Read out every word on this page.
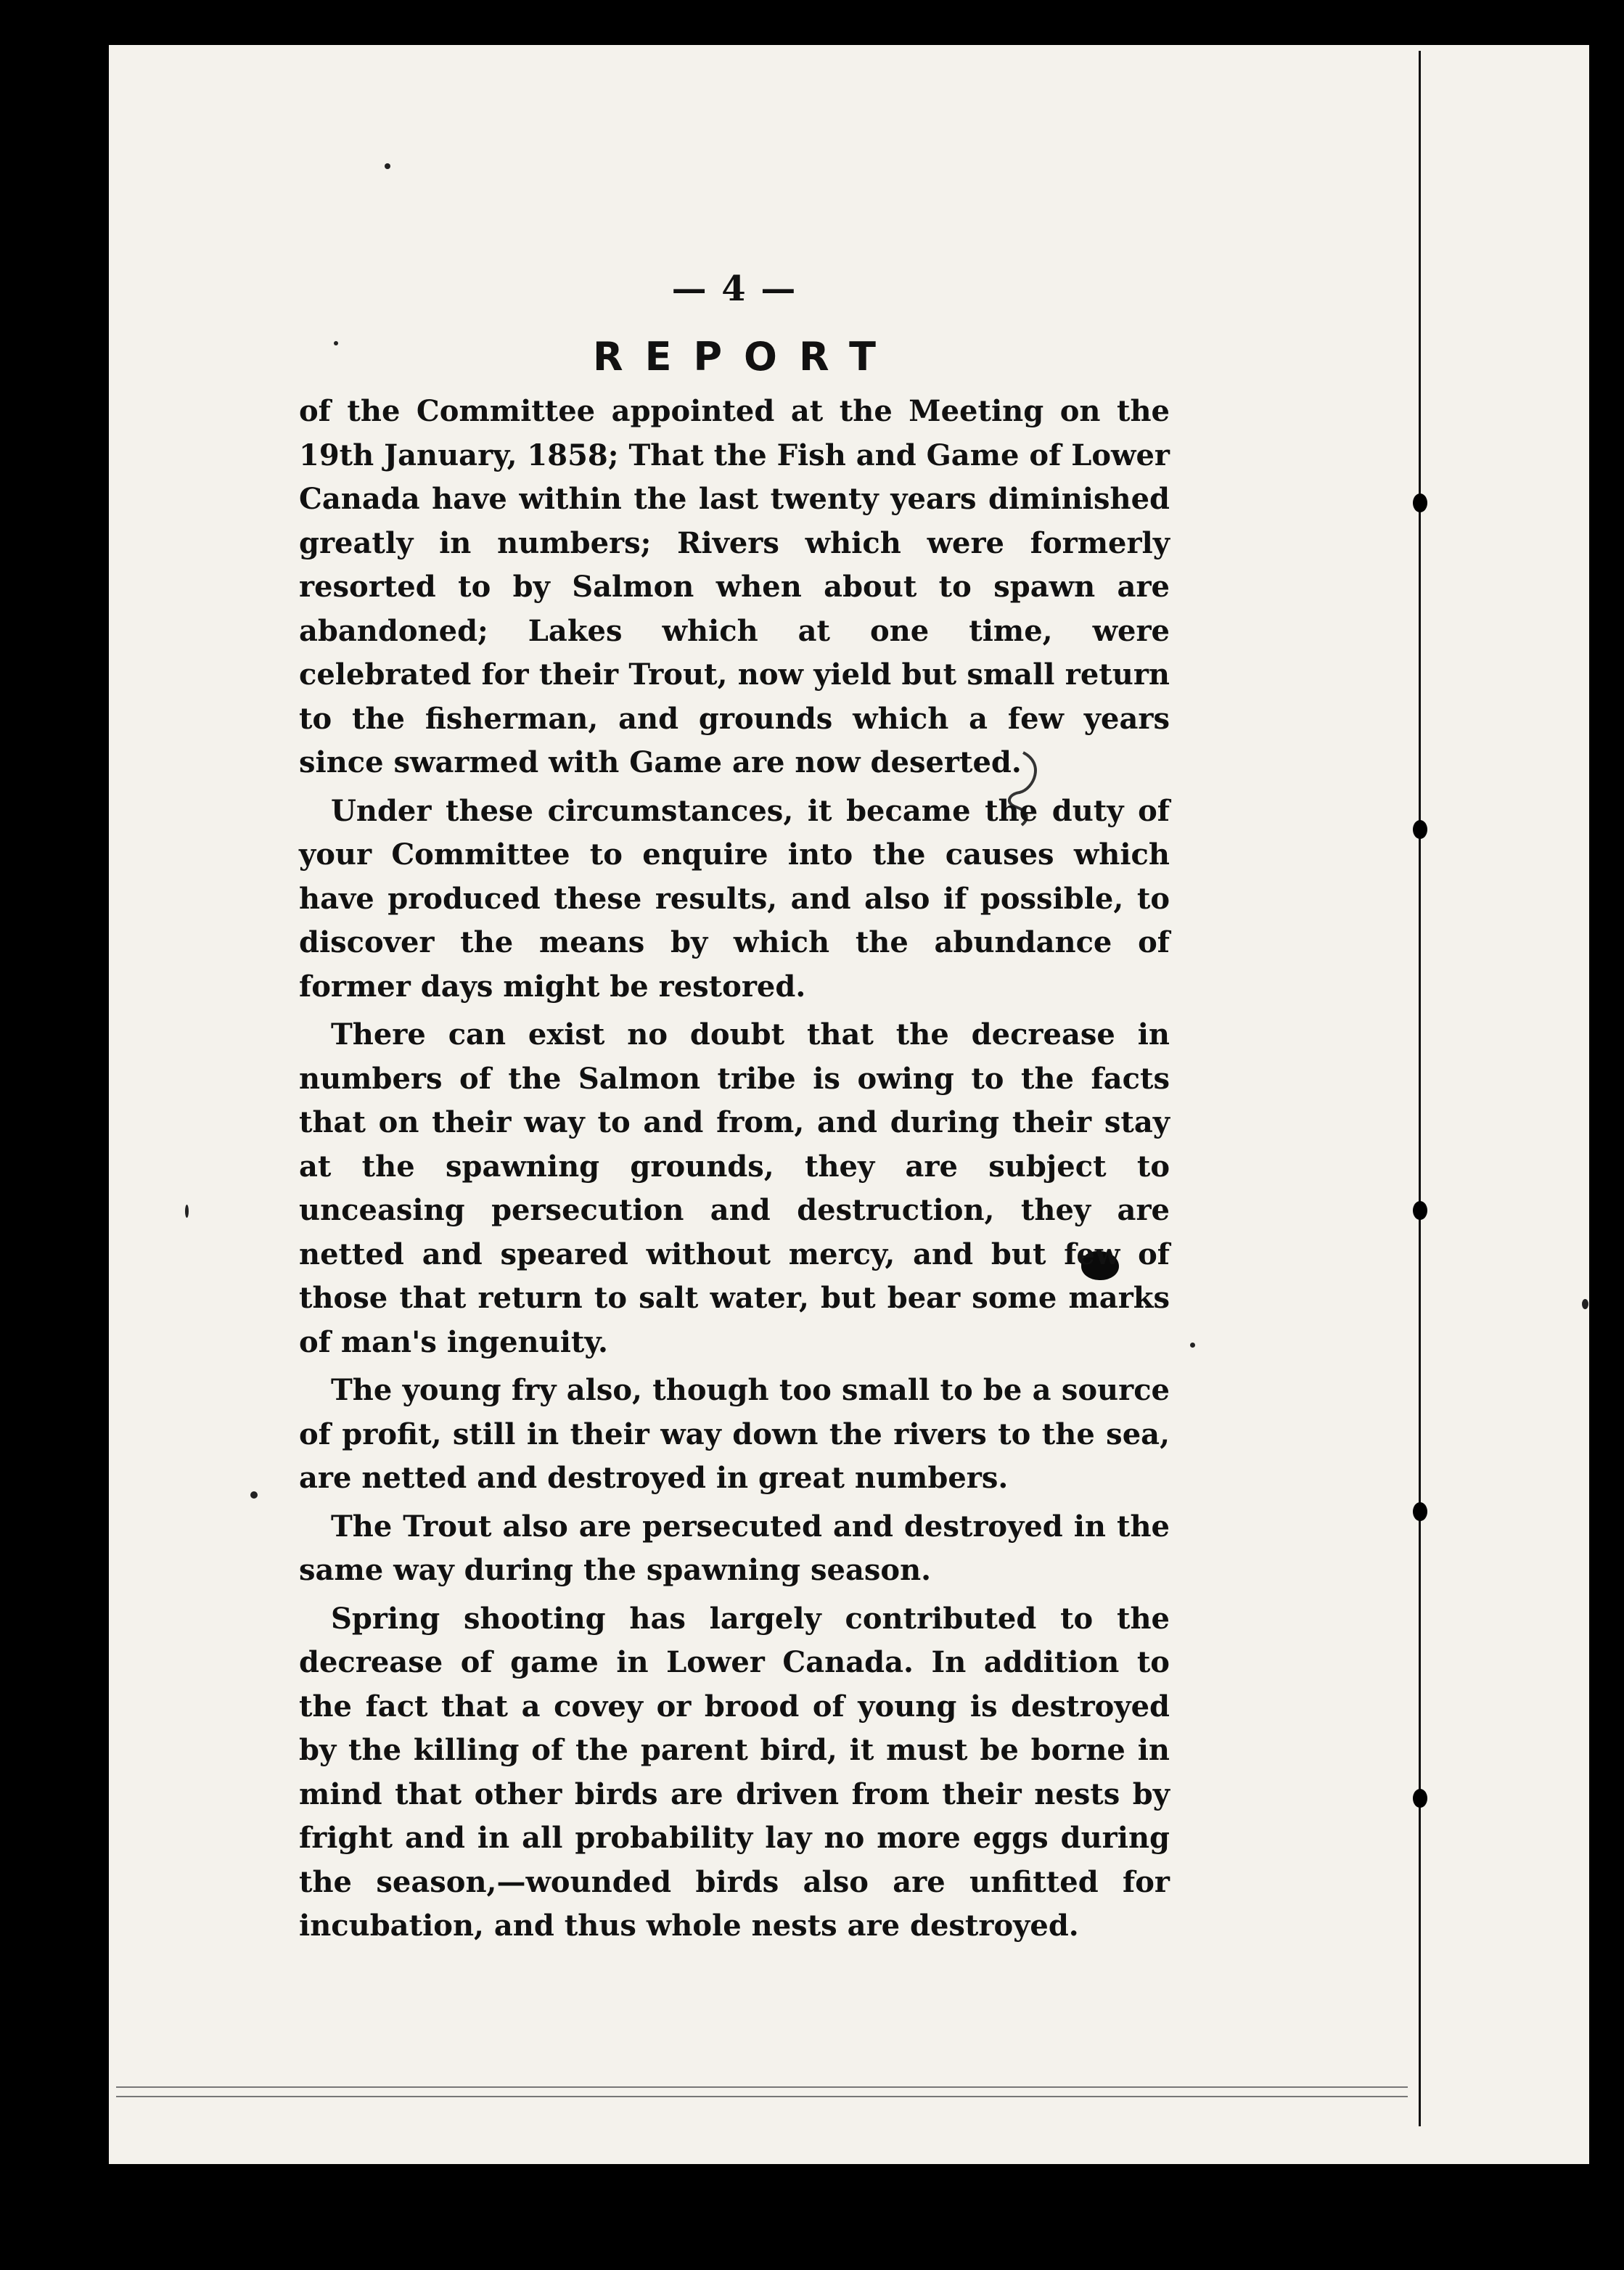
— 4 —
REPORT

of the Committee appointed at the Meeting on the 19th January, 1858; That the Fish and Game of Lower Canada have within the last twenty years diminished greatly in numbers; Rivers which were formerly resorted to by Salmon when about to spawn are abandoned; Lakes which at one time, were celebrated for their Trout, now yield but small return to the fisherman, and grounds which a few years since swarmed with Game are now deserted.

Under these circumstances, it became the duty of your Committee to enquire into the causes which have produced these results, and also if possible, to discover the means by which the abundance of former days might be restored.

There can exist no doubt that the decrease in numbers of the Salmon tribe is owing to the facts that on their way to and from, and during their stay at the spawning grounds, they are subject to unceasing persecution and destruction, they are netted and speared without mercy, and but few of those that return to salt water, but bear some marks of man's ingenuity.

The young fry also, though too small to be a source of profit, still in their way down the rivers to the sea, are netted and destroyed in great numbers.

The Trout also are persecuted and destroyed in the same way during the spawning season.

Spring shooting has largely contributed to the decrease of game in Lower Canada. In addition to the fact that a covey or brood of young is destroyed by the killing of the parent bird, it must be borne in mind that other birds are driven from their nests by fright and in all probability lay no more eggs during the season,—wounded birds also are unfitted for incubation, and thus whole nests are destroyed.
